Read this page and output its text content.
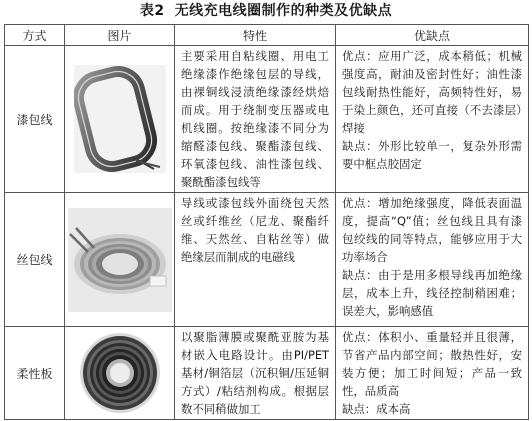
表2 无线充电线圈制作的种类及优缺点
方式	图片	特性	优缺点
漆包线		主要采用自粘线圈、用电工绝缘漆作绝缘包层的导线，由裸铜线浸渍绝缘漆经烘焙而成。用于绕制变压器或电机线圈。按绝缘漆不同分为缩醛漆包线、聚酯漆包线、环氧漆包线、油性漆包线、聚酰酯漆包线等	优点：应用广泛，成本稍低；机械强度高，耐油及密封性好；油性漆包线耐热性能好，高频特性好，易于染上颜色，还可直接（不去漆层）焊接

缺点：外形比较单一，复杂外形需要中框点胶固定

丝包线		导线或漆包线外面绕包天然丝或纤维丝（尼龙、聚酯纤维、天然丝、自粘丝等）做绝缘层而制成的电磁线	优点：增加绝缘强度，降低表面温度，提高“Q”值；丝包线且具有漆包绞线的同等特点，能够应用于大功率场合

缺点：由于是用多根导线再加绝缘层，成本上升，线径控制稍困难；误差大，影响感值

柔性板		以聚脂薄膜或聚酰亚胺为基材嵌入电路设计。由PI/PET基材/铜箔层（沉积铜/压延铜方式）/粘结剂构成。根据层数不同稍做加工	优点：体积小、重量轻并且很薄，节省产品内部空间；散热性好，安装方便；加工时间短；产品一致性，品质高

缺点：成本高
